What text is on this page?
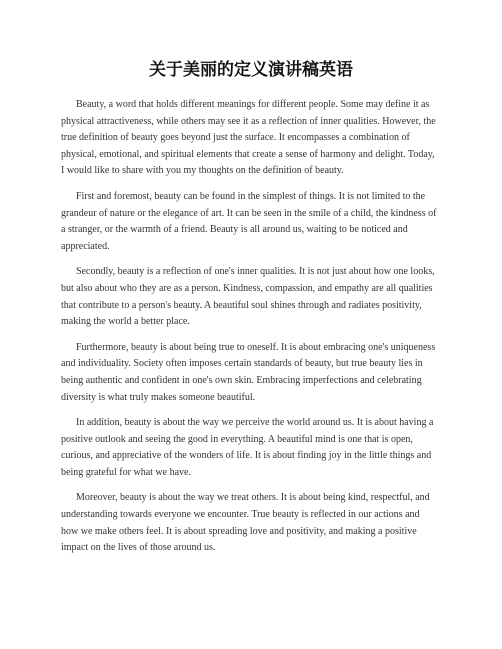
关于美丽的定义演讲稿英语

Beauty, a word that holds different meanings for different people. Some may define it as physical attractiveness, while others may see it as a reflection of inner qualities. However, the true definition of beauty goes beyond just the surface. It encompasses a combination of physical, emotional, and spiritual elements that create a sense of harmony and delight. Today, I would like to share with you my thoughts on the definition of beauty.

First and foremost, beauty can be found in the simplest of things. It is not limited to the grandeur of nature or the elegance of art. It can be seen in the smile of a child, the kindness of a stranger, or the warmth of a friend. Beauty is all around us, waiting to be noticed and appreciated.

Secondly, beauty is a reflection of one's inner qualities. It is not just about how one looks, but also about who they are as a person. Kindness, compassion, and empathy are all qualities that contribute to a person's beauty. A beautiful soul shines through and radiates positivity, making the world a better place.

Furthermore, beauty is about being true to oneself. It is about embracing one's uniqueness and individuality. Society often imposes certain standards of beauty, but true beauty lies in being authentic and confident in one's own skin. Embracing imperfections and celebrating diversity is what truly makes someone beautiful.

In addition, beauty is about the way we perceive the world around us. It is about having a positive outlook and seeing the good in everything. A beautiful mind is one that is open, curious, and appreciative of the wonders of life. It is about finding joy in the little things and being grateful for what we have.

Moreover, beauty is about the way we treat others. It is about being kind, respectful, and understanding towards everyone we encounter. True beauty is reflected in our actions and how we make others feel. It is about spreading love and positivity, and making a positive impact on the lives of those around us.
